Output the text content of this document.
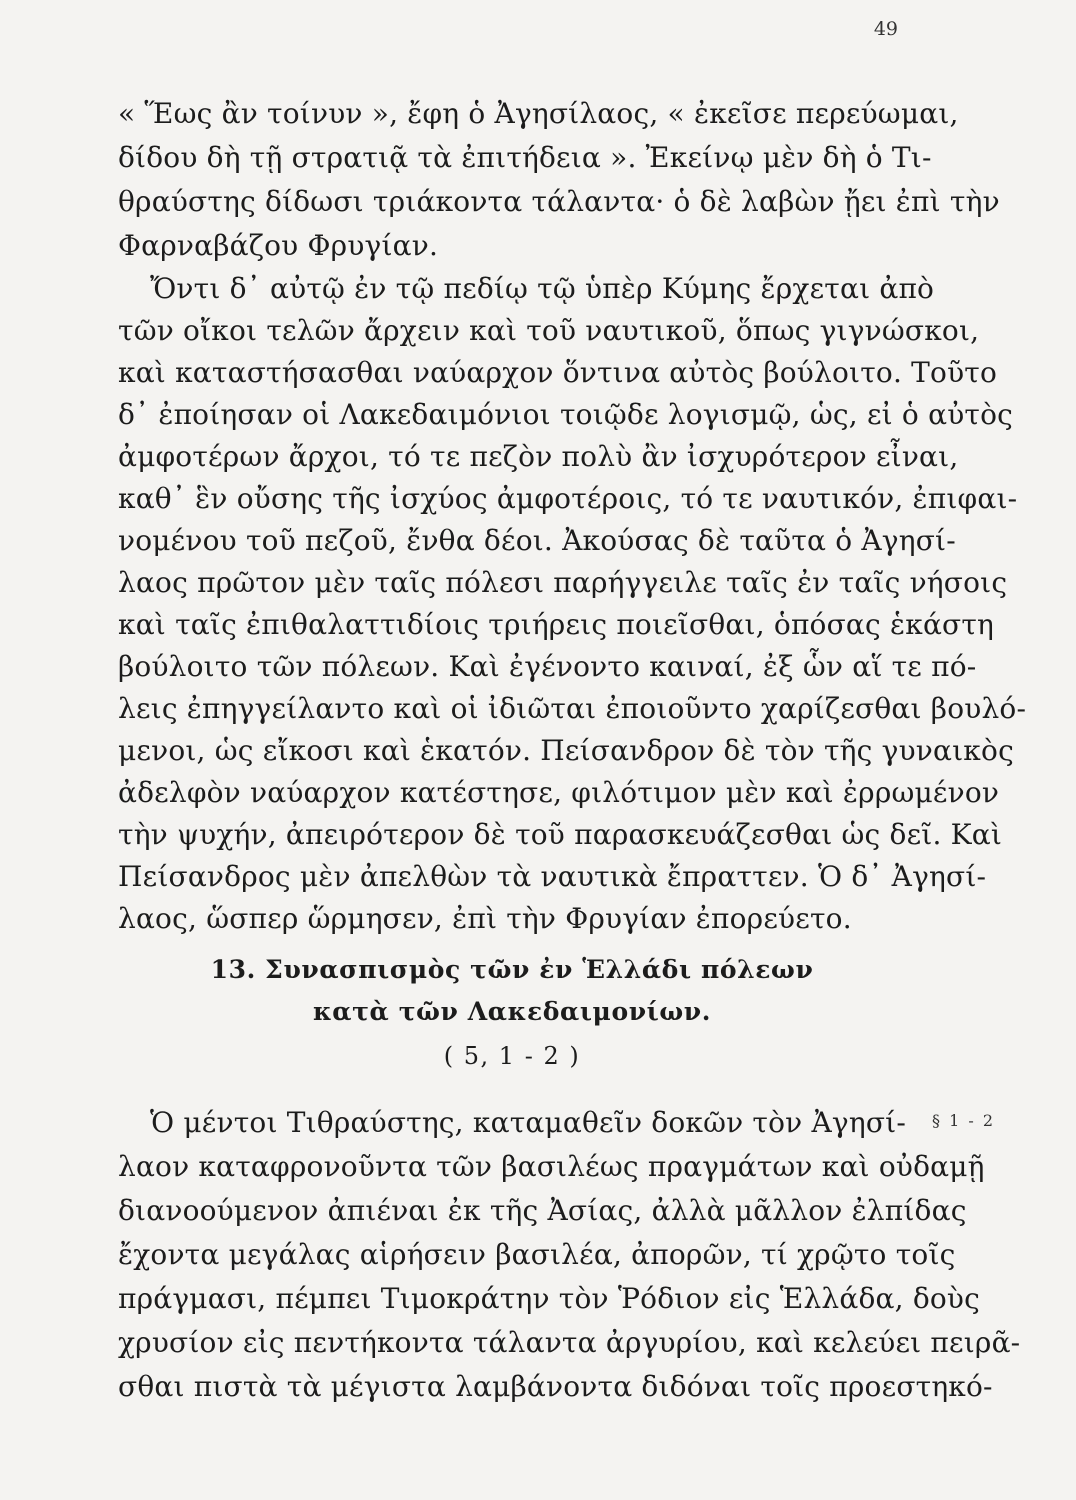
49
« Ἕως ἂν τοίνυν », ἔφη ὁ Ἀγησίλαος, « ἐκεῖσε περεύωμαι,
δίδου δὴ τῇ στρατιᾷ τὰ ἐπιτήδεια ». Ἐκείνῳ μὲν δὴ ὁ Τι-
θραύστης δίδωσι τριάκοντα τάλαντα· ὁ δὲ λαβὼν ᾔει ἐπὶ τὴν
Φαρναβάζου Φρυγίαν.
Ὄντι δ᾽ αὐτῷ ἐν τῷ πεδίῳ τῷ ὑπὲρ Κύμης ἔρχεται ἀπὸ
τῶν οἴκοι τελῶν ἄρχειν καὶ τοῦ ναυτικοῦ, ὅπως γιγνώσκοι,
καὶ καταστήσασθαι ναύαρχον ὅντινα αὐτὸς βούλοιτο. Τοῦτο
δ᾽ ἐποίησαν οἱ Λακεδαιμόνιοι τοιῷδε λογισμῷ, ὡς, εἰ ὁ αὐτὸς
ἀμφοτέρων ἄρχοι, τό τε πεζὸν πολὺ ἂν ἰσχυρότερον εἶναι,
καθ᾽ ἓν οὔσης τῆς ἰσχύος ἀμφοτέροις, τό τε ναυτικόν, ἐπιφαι-
νομένου τοῦ πεζοῦ, ἔνθα δέοι. Ἀκούσας δὲ ταῦτα ὁ Ἀγησί-
λαος πρῶτον μὲν ταῖς πόλεσι παρήγγειλε ταῖς ἐν ταῖς νήσοις
καὶ ταῖς ἐπιθαλαττιδίοις τριήρεις ποιεῖσθαι, ὁπόσας ἑκάστη
βούλοιτο τῶν πόλεων. Καὶ ἐγένοντο καιναί, ἐξ ὧν αἵ τε πό-
λεις ἐπηγγείλαντο καὶ οἱ ἰδιῶται ἐποιοῦντο χαρίζεσθαι βουλό-
μενοι, ὡς εἴκοσι καὶ ἑκατόν. Πείσανδρον δὲ τὸν τῆς γυναικὸς
ἀδελφὸν ναύαρχον κατέστησε, φιλότιμον μὲν καὶ ἐρρωμένον
τὴν ψυχήν, ἀπειρότερον δὲ τοῦ παρασκευάζεσθαι ὡς δεῖ. Καὶ
Πείσανδρος μὲν ἀπελθὼν τὰ ναυτικὰ ἔπραττεν. Ὁ δ᾽ Ἀγησί-
λαος, ὥσπερ ὥρμησεν, ἐπὶ τὴν Φρυγίαν ἐπορεύετο.
13. Συνασπισμὸς τῶν ἐν Ἑλλάδι πόλεων
κατὰ τῶν Λακεδαιμονίων.
( 5, 1 - 2 )
Ὁ μέντοι Τιθραύστης, καταμαθεῖν δοκῶν τὸν Ἀγησί-
λαον καταφρονοῦντα τῶν βασιλέως πραγμάτων καὶ οὐδαμῇ
διανοούμενον ἀπιέναι ἐκ τῆς Ἀσίας, ἀλλὰ μᾶλλον ἐλπίδας
ἔχοντα μεγάλας αἱρήσειν βασιλέα, ἀπορῶν, τί χρῷτο τοῖς
πράγμασι, πέμπει Τιμοκράτην τὸν Ῥόδιον εἰς Ἑλλάδα, δοὺς
χρυσίον εἰς πεντήκοντα τάλαντα ἀργυρίου, καὶ κελεύει πειρᾶ-
σθαι πιστὰ τὰ μέγιστα λαμβάνοντα διδόναι τοῖς προεστηκό-
§ 1 - 2
